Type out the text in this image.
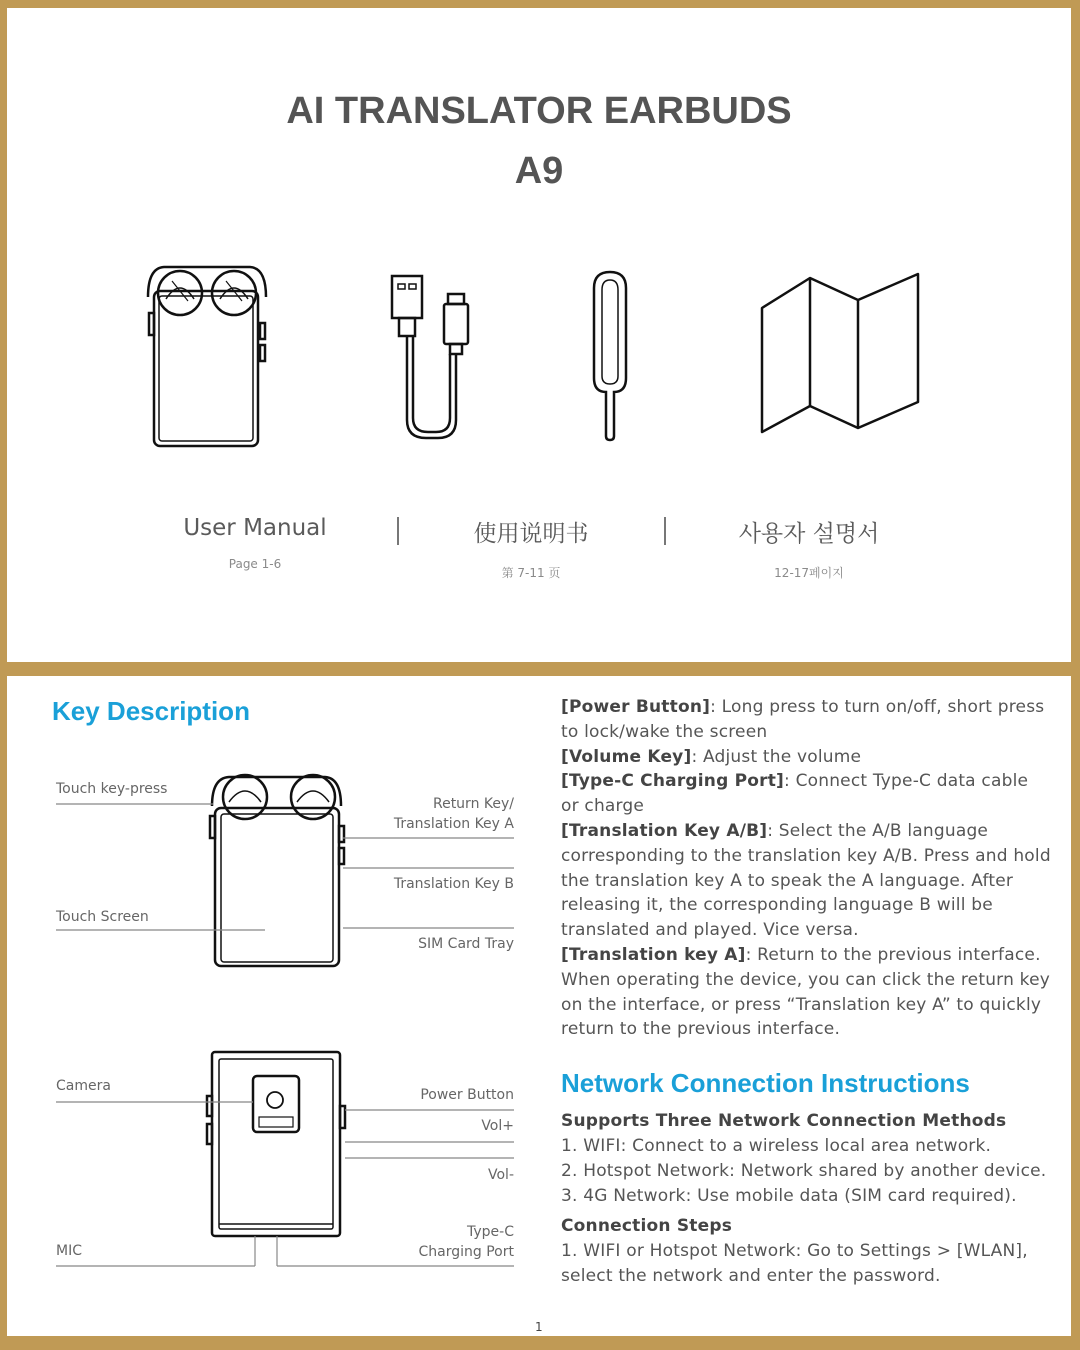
AI TRANSLATOR EARBUDS
A9
User Manual
Page 1-6
使用说明书
第 7-11 页
사용자 설명서
12-17페이지
Key Description
Touch key-press
Touch Screen
Return Key/
Translation Key A
Translation Key B
SIM Card Tray
Camera
MIC
Power Button
Vol+
Vol-
Type-C
Charging Port

[Power Button]: Long press to turn on/off, short press to lock/wake the screen

[Volume Key]: Adjust the volume

[Type-C Charging Port]: Connect Type-C data cable or charge

[Translation Key A/B]: Select the A/B language corresponding to the translation key A/B. Press and hold the translation key A to speak the A language. After releasing it, the corresponding language B will be translated and played. Vice versa.

[Translation key A]: Return to the previous interface. When operating the device, you can click the return key on the interface, or press “Translation key A” to quickly return to the previous interface.

Network Connection Instructions

Supports Three Network Connection Methods

1. WIFI: Connect to a wireless local area network.

2. Hotspot Network: Network shared by another device.

3. 4G Network: Use mobile data (SIM card required).

Connection Steps

1. WIFI or Hotspot Network: Go to Settings > [WLAN], select the network and enter the password.

1
